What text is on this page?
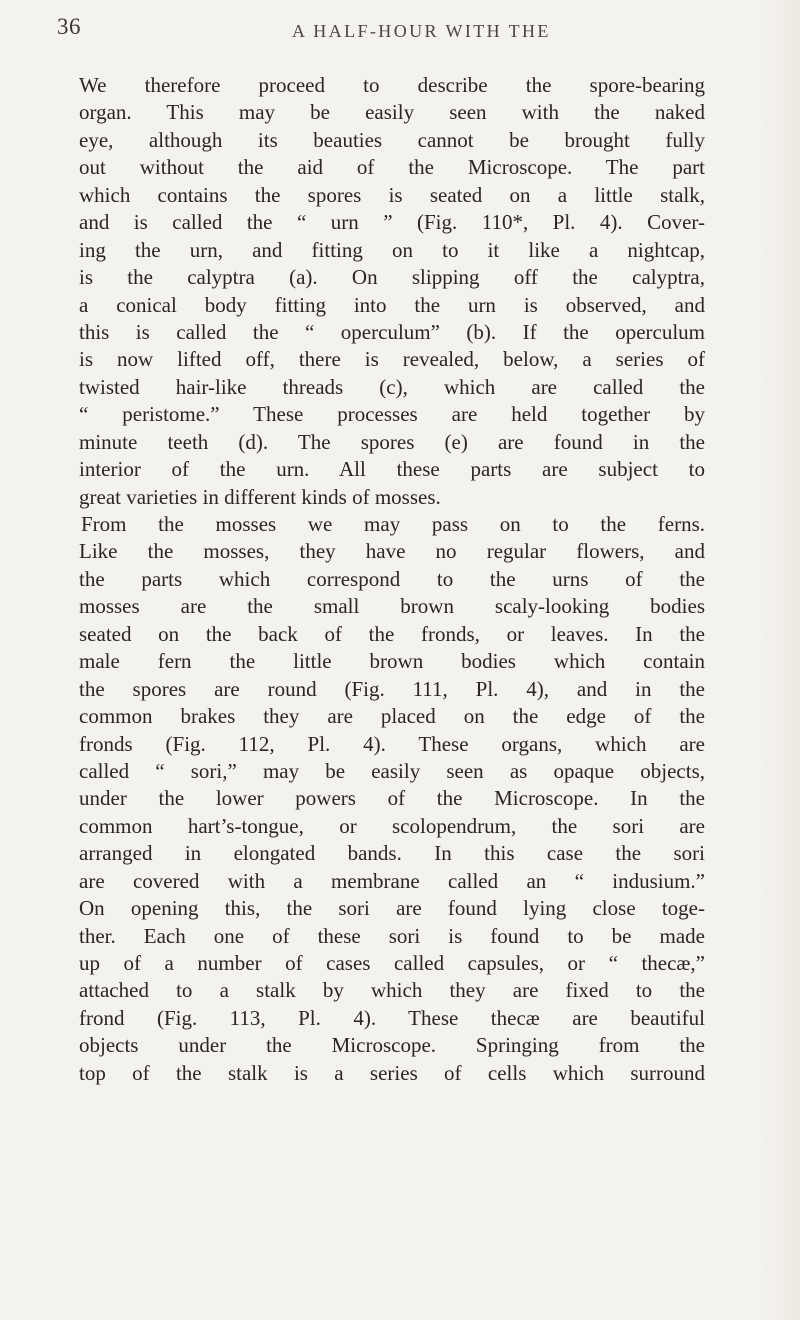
36	A HALF-HOUR WITH THE
We therefore proceed to describe the spore-bearing
organ. This may be easily seen with the naked
eye, although its beauties cannot be brought fully
out without the aid of the Microscope. The part
which contains the spores is seated on a little stalk,
and is called the “ urn ” (Fig. 110*, Pl. 4). Cover-
ing the urn, and fitting on to it like a nightcap,
is the calyptra (a). On slipping off the calyptra,
a conical body fitting into the urn is observed, and
this is called the “ operculum” (b). If the operculum
is now lifted off, there is revealed, below, a series of
twisted hair-like threads (c), which are called the
“ peristome.” These processes are held together by
minute teeth (d). The spores (e) are found in the
interior of the urn. All these parts are subject to
great varieties in different kinds of mosses.
From the mosses we may pass on to the ferns.
Like the mosses, they have no regular flowers, and
the parts which correspond to the urns of the
mosses are the small brown scaly-looking bodies
seated on the back of the fronds, or leaves. In the
male fern the little brown bodies which contain
the spores are round (Fig. 111, Pl. 4), and in the
common brakes they are placed on the edge of the
fronds (Fig. 112, Pl. 4). These organs, which are
called “ sori,” may be easily seen as opaque objects,
under the lower powers of the Microscope. In the
common hart’s-tongue, or scolopendrum, the sori are
arranged in elongated bands. In this case the sori
are covered with a membrane called an “ indusium.”
On opening this, the sori are found lying close toge-
ther. Each one of these sori is found to be made
up of a number of cases called capsules, or “ thecæ,”
attached to a stalk by which they are fixed to the
frond (Fig. 113, Pl. 4). These thecæ are beautiful
objects under the Microscope. Springing from the
top of the stalk is a series of cells which surround
